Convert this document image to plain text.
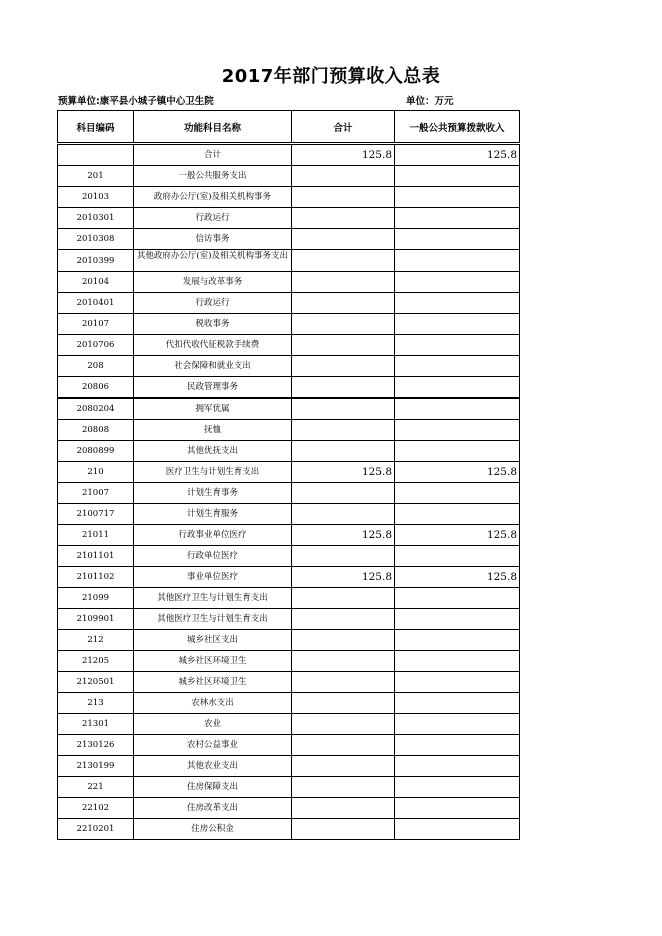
2017年部门预算收入总表
预算单位:康平县小城子镇中心卫生院	单位：万元
科目编码	功能科目名称	合计	一般公共预算拨款收入
	合计	125.8	125.8
201	一般公共服务支出		
20103	政府办公厅(室)及相关机构事务		
2010301	行政运行		
2010308	信访事务		
2010399	其他政府办公厅(室)及相关机构事务支出		
20104	发展与改革事务		
2010401	行政运行		
20107	税收事务		
2010706	代扣代收代征税款手续费		
208	社会保障和就业支出		
20806	民政管理事务		
2080204	拥军优属		
20808	抚恤		
2080899	其他优抚支出		
210	医疗卫生与计划生育支出	125.8	125.8
21007	计划生育事务		
2100717	计划生育服务		
21011	行政事业单位医疗	125.8	125.8
2101101	行政单位医疗		
2101102	事业单位医疗	125.8	125.8
21099	其他医疗卫生与计划生育支出		
2109901	其他医疗卫生与计划生育支出		
212	城乡社区支出		
21205	城乡社区环境卫生		
2120501	城乡社区环境卫生		
213	农林水支出		
21301	农业		
2130126	农村公益事业		
2130199	其他农业支出		
221	住房保障支出		
22102	住房改革支出		
2210201	住房公积金		
